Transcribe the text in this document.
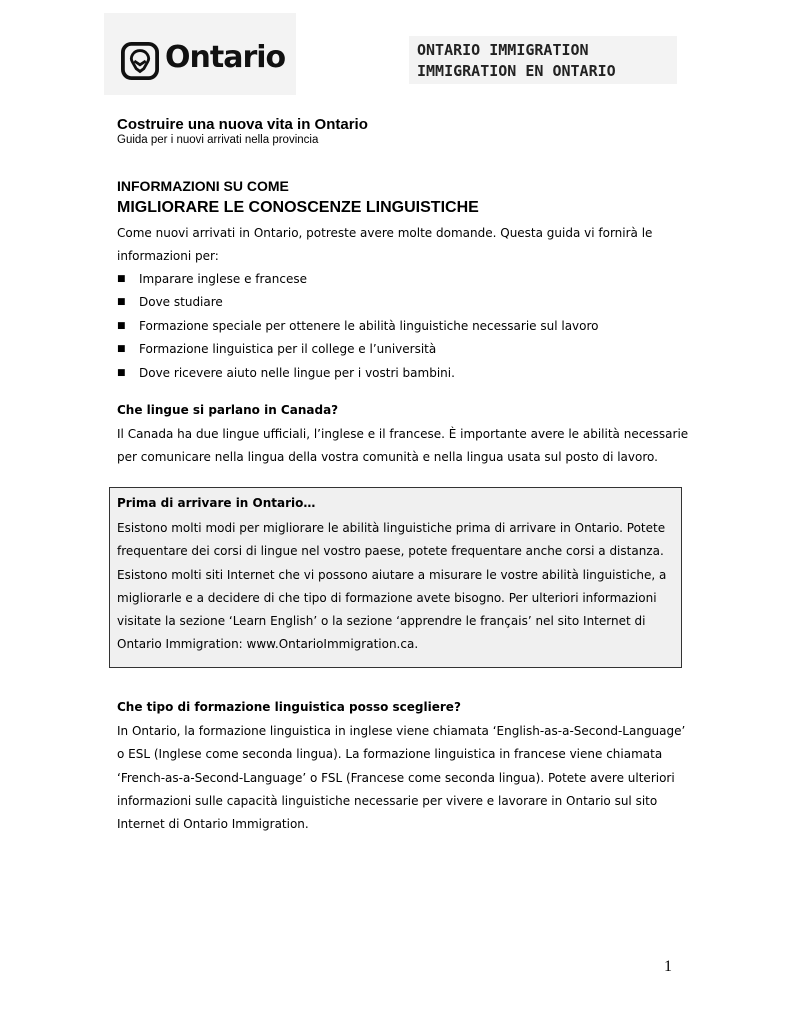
Ontario	ONTARIO IMMIGRATION
IMMIGRATION EN ONTARIO
Costruire una nuova vita in Ontario
Guida per i nuovi arrivati nella provincia
INFORMAZIONI SU COME
MIGLIORARE LE CONOSCENZE LINGUISTICHE
Come nuovi arrivati in Ontario, potreste avere molte domande. Questa guida vi fornirà le
informazioni per:
■ Imparare inglese e francese
■ Dove studiare
■ Formazione speciale per ottenere le abilità linguistiche necessarie sul lavoro
■ Formazione linguistica per il college e l’università
■ Dove ricevere aiuto nelle lingue per i vostri bambini.
Che lingue si parlano in Canada?
Il Canada ha due lingue ufficiali, l’inglese e il francese. È importante avere le abilità necessarie
per comunicare nella lingua della vostra comunità e nella lingua usata sul posto di lavoro.
Prima di arrivare in Ontario…
Esistono molti modi per migliorare le abilità linguistiche prima di arrivare in Ontario. Potete
frequentare dei corsi di lingue nel vostro paese, potete frequentare anche corsi a distanza.
Esistono molti siti Internet che vi possono aiutare a misurare le vostre abilità linguistiche, a
migliorarle e a decidere di che tipo di formazione avete bisogno. Per ulteriori informazioni
visitate la sezione ‘Learn English’ o la sezione ‘apprendre le français’ nel sito Internet di
Ontario Immigration: www.OntarioImmigration.ca.
Che tipo di formazione linguistica posso scegliere?
In Ontario, la formazione linguistica in inglese viene chiamata ‘English-as-a-Second-Language’
o ESL (Inglese come seconda lingua). La formazione linguistica in francese viene chiamata
‘French-as-a-Second-Language’ o FSL (Francese come seconda lingua). Potete avere ulteriori
informazioni sulle capacità linguistiche necessarie per vivere e lavorare in Ontario sul sito
Internet di Ontario Immigration.
1
